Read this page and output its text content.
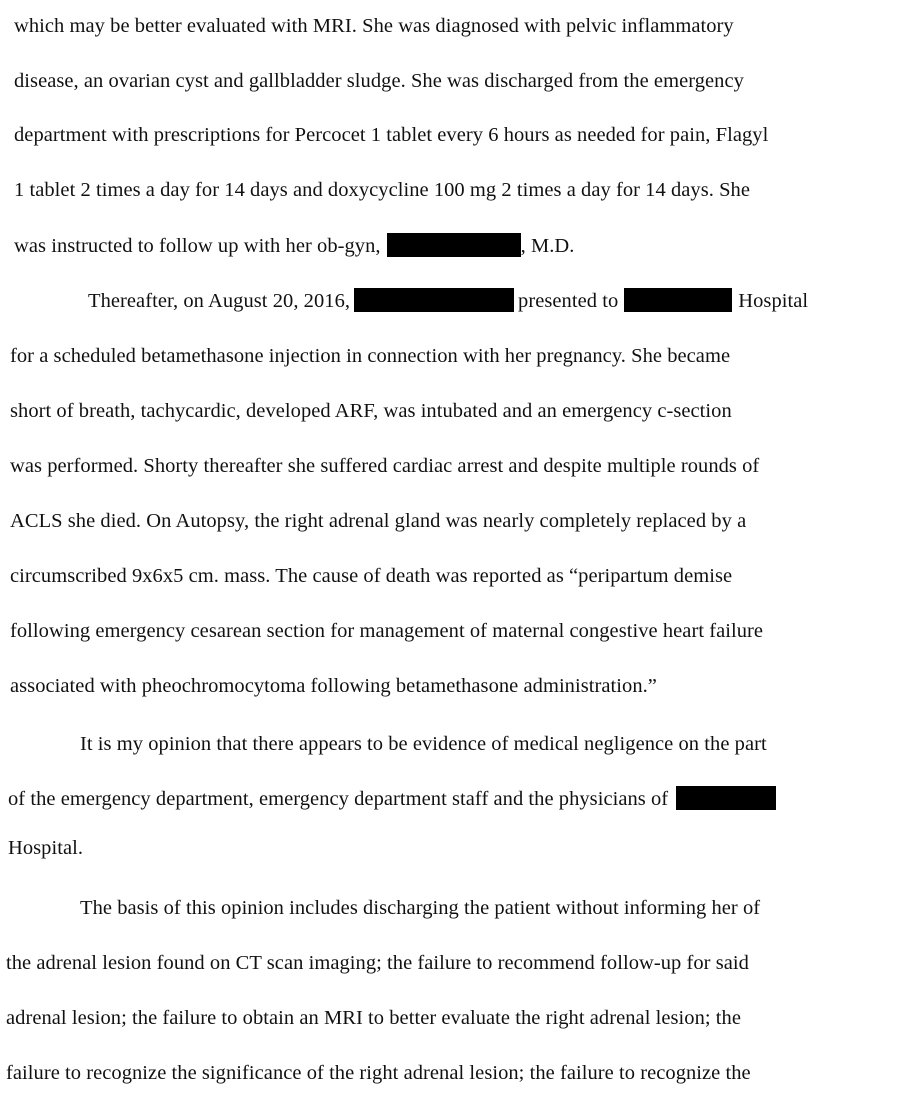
which may be better evaluated with MRI. She was diagnosed with pelvic inflammatory
disease, an ovarian cyst and gallbladder sludge. She was discharged from the emergency
department with prescriptions for Percocet 1 tablet every 6 hours as needed for pain, Flagyl
1 tablet 2 times a day for 14 days and doxycycline 100 mg 2 times a day for 14 days. She
was instructed to follow up with her ob-gyn,	, M.D.
Thereafter, on August 20, 2016,	presented to	Hospital
for a scheduled betamethasone injection in connection with her pregnancy. She became
short of breath, tachycardic, developed ARF, was intubated and an emergency c-section
was performed. Shorty thereafter she suffered cardiac arrest and despite multiple rounds of
ACLS she died. On Autopsy, the right adrenal gland was nearly completely replaced by a
circumscribed 9x6x5 cm. mass. The cause of death was reported as “peripartum demise
following emergency cesarean section for management of maternal congestive heart failure
associated with pheochromocytoma following betamethasone administration.”
It is my opinion that there appears to be evidence of medical negligence on the part
of the emergency department, emergency department staff and the physicians of
Hospital.
The basis of this opinion includes discharging the patient without informing her of
the adrenal lesion found on CT scan imaging; the failure to recommend follow-up for said
adrenal lesion; the failure to obtain an MRI to better evaluate the right adrenal lesion; the
failure to recognize the significance of the right adrenal lesion; the failure to recognize the
